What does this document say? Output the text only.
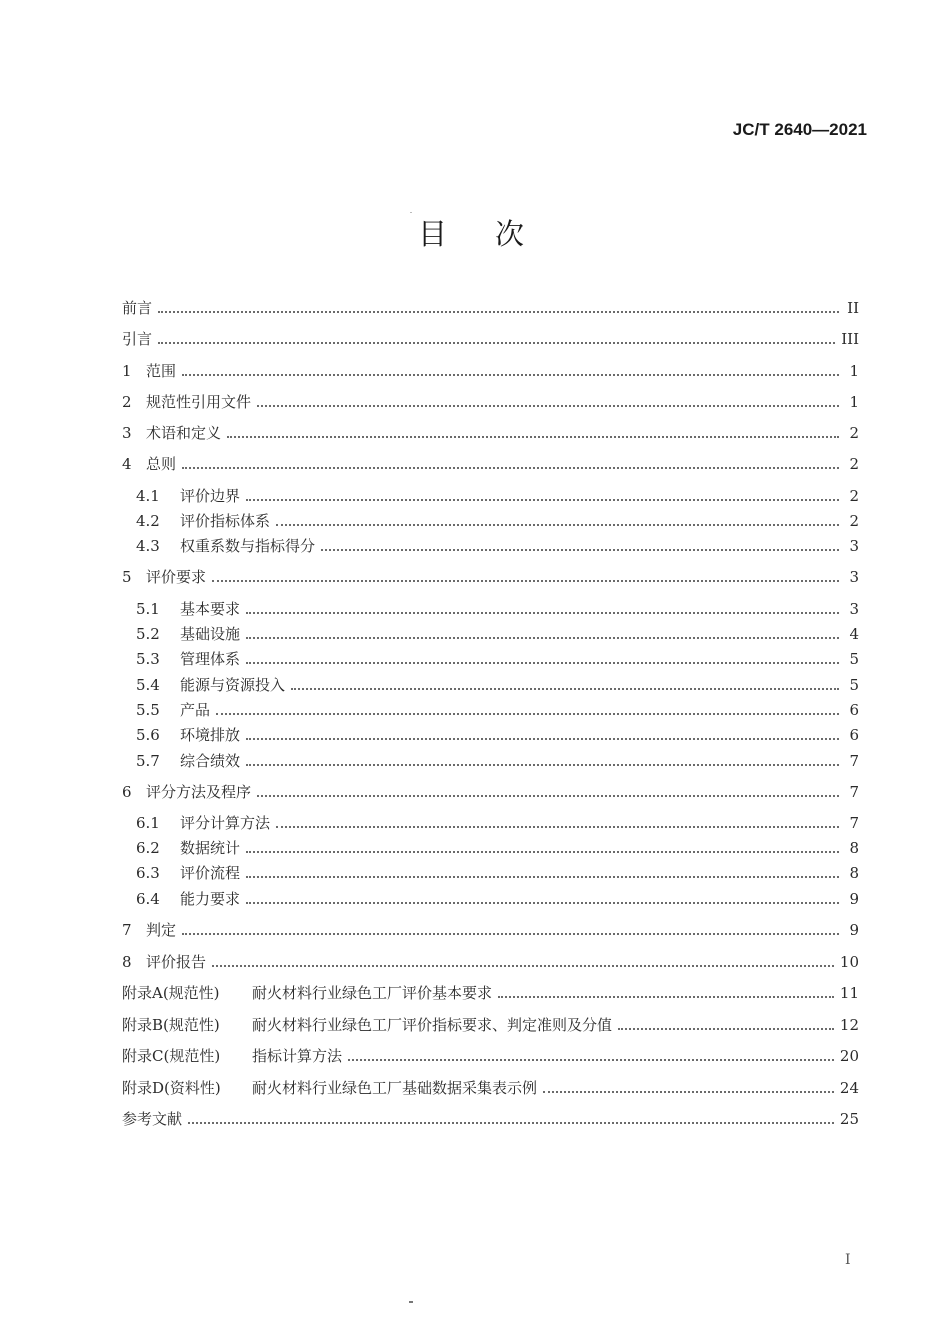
JC/T 2640—2021
目次
前言	II
引言	III
1 范围	1
2 规范性引用文件	1
3 术语和定义	2
4 总则	2
4.1	评价边界	2
4.2	评价指标体系	2
4.3	权重系数与指标得分	3
5 评价要求	3
5.1	基本要求	3
5.2	基础设施	4
5.3	管理体系	5
5.4	能源与资源投入	5
5.5	产品	6
5.6	环境排放	6
5.7	综合绩效	7
6 评分方法及程序	7
6.1	评分计算方法	7
6.2	数据统计	8
6.3	评价流程	8
6.4	能力要求	9
7 判定	9
8 评价报告	10
附录A(规范性)	耐火材料行业绿色工厂评价基本要求	11
附录B(规范性)	耐火材料行业绿色工厂评价指标要求、判定准则及分值	12
附录C(规范性)	指标计算方法	20
附录D(资料性)	耐火材料行业绿色工厂基础数据采集表示例	24
参考文献	25
I
